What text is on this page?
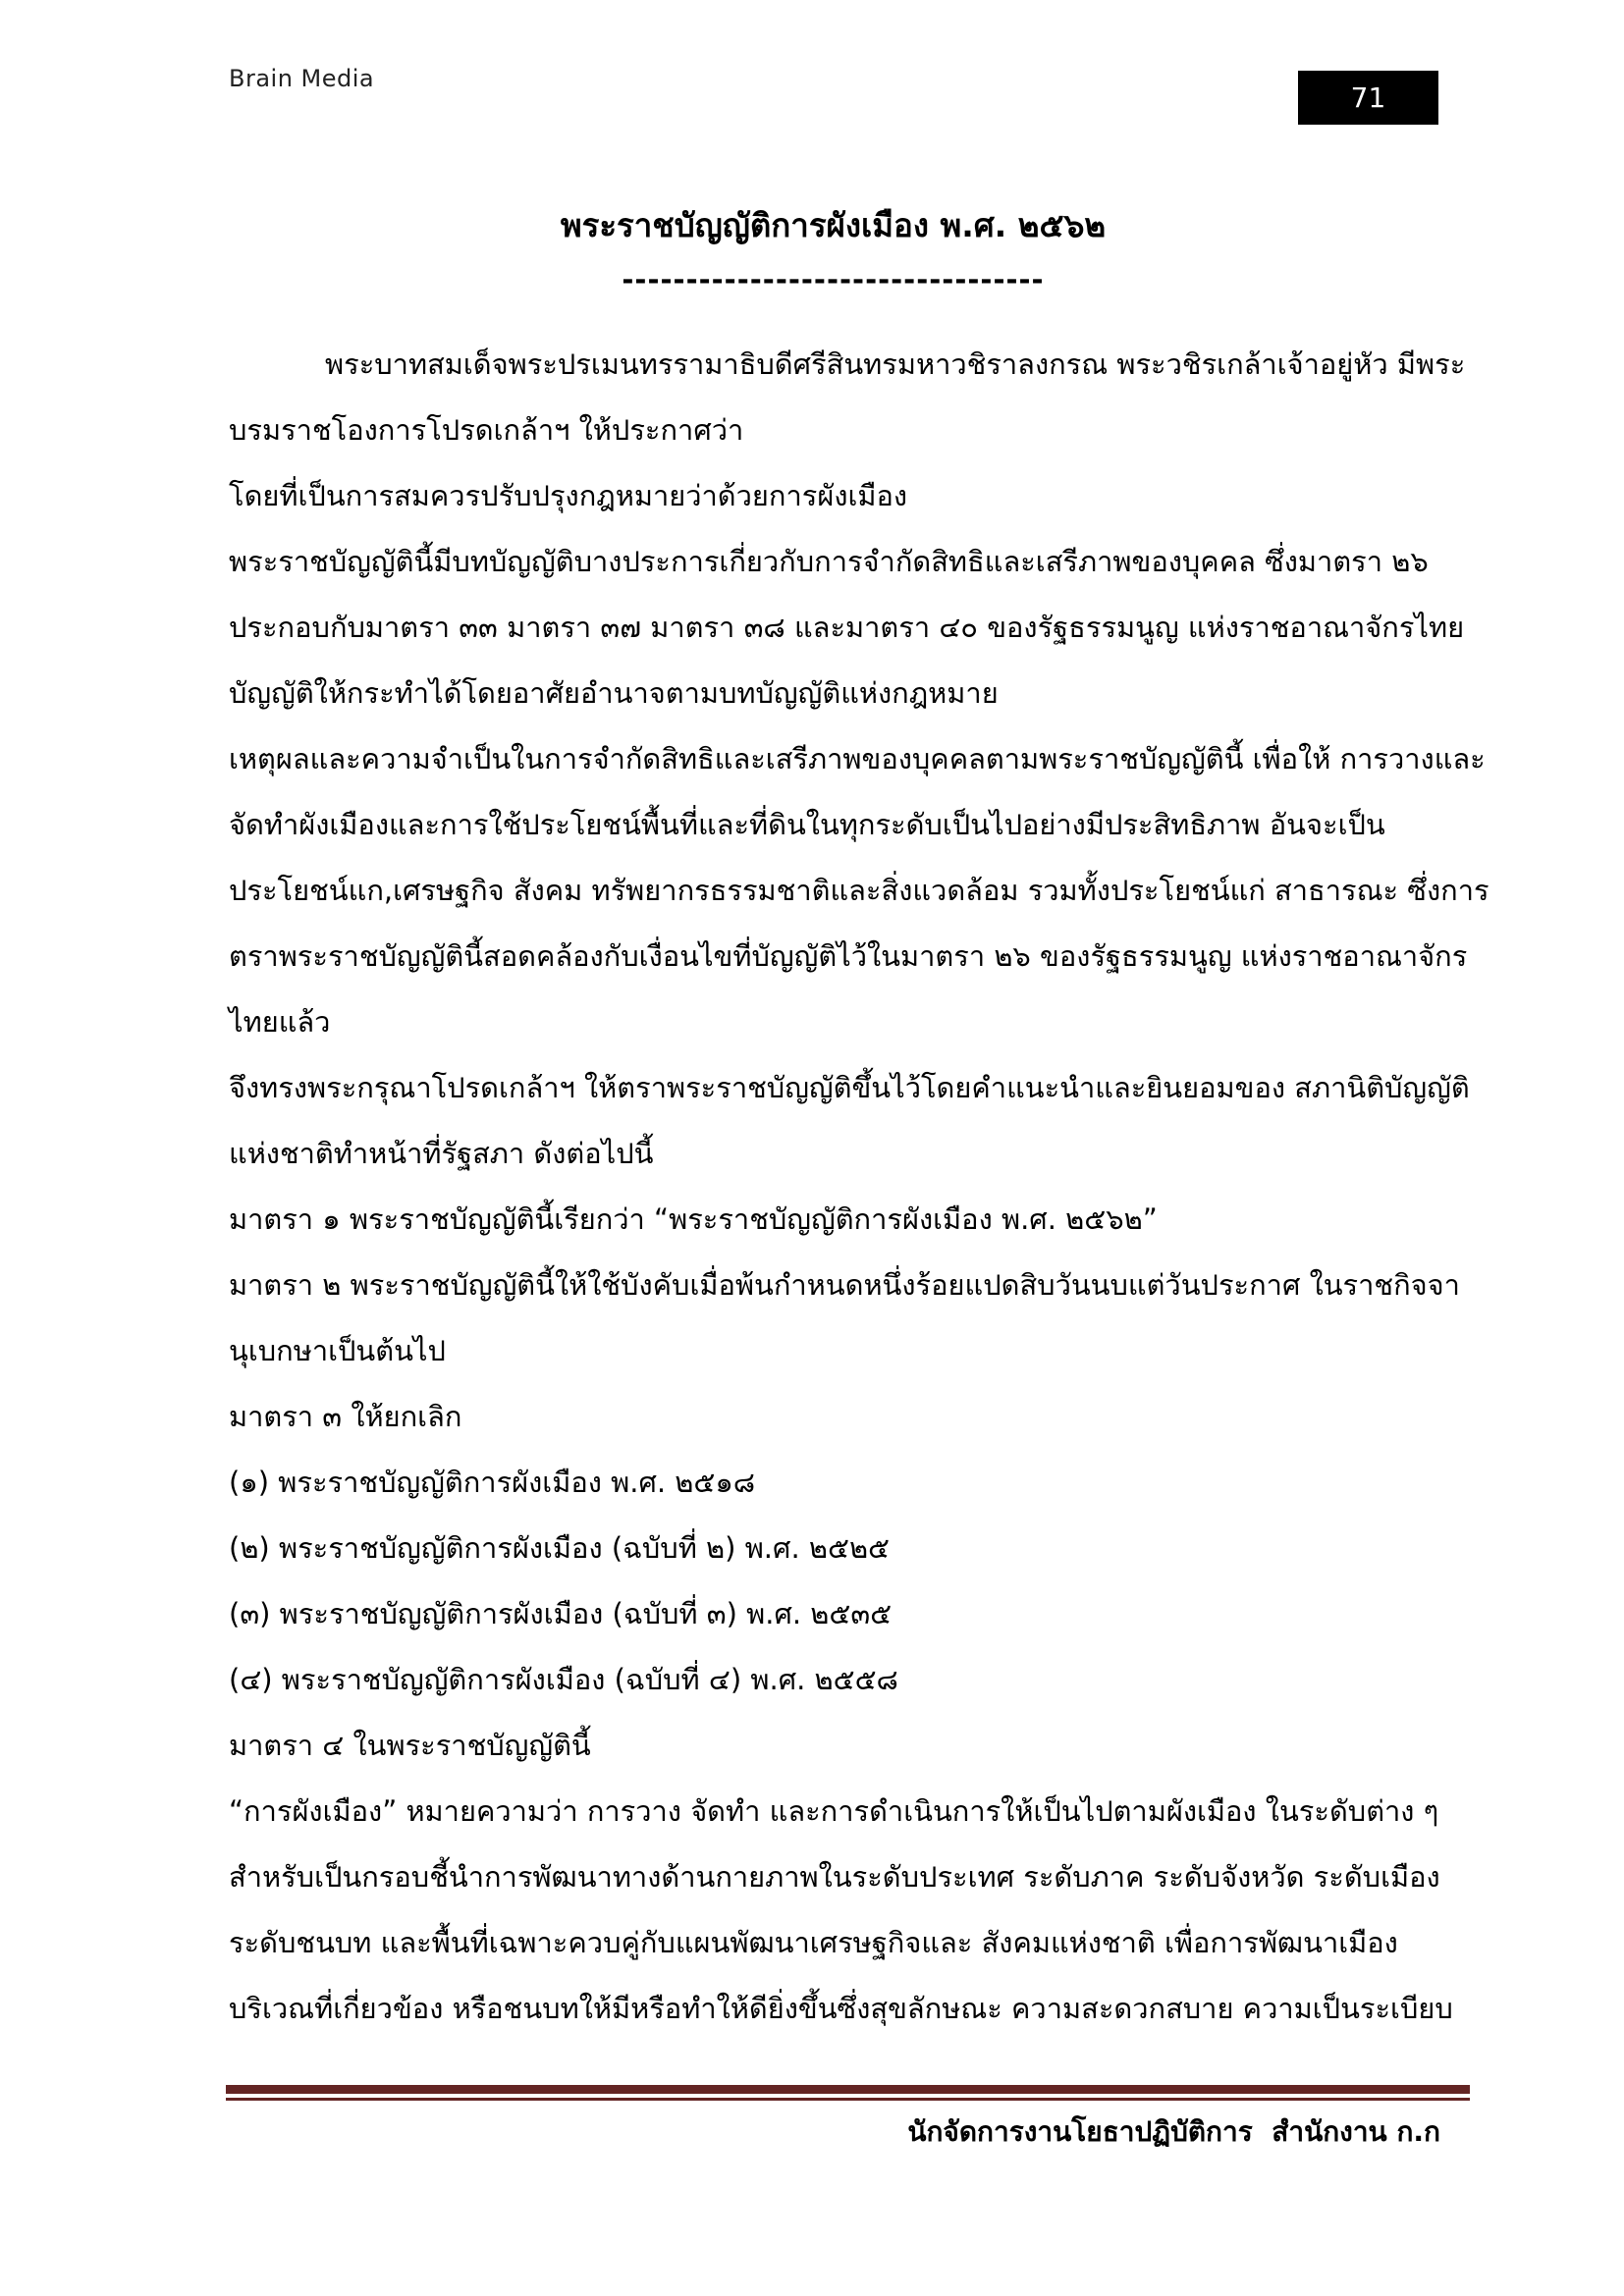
Brain Media
71
พระราชบัญญัติการผังเมือง พ.ศ. ๒๕๖๒
---------------------------------
พระบาทสมเด็จพระปรเมนทรรามาธิบดีศรีสินทรมหาวชิราลงกรณ พระวชิรเกล้าเจ้าอยู่หัว มีพระ
บรมราชโองการโปรดเกล้าฯ ให้ประกาศว่า
โดยที่เป็นการสมควรปรับปรุงกฎหมายว่าด้วยการผังเมือง
พระราชบัญญัตินี้มีบทบัญญัติบางประการเกี่ยวกับการจำกัดสิทธิและเสรีภาพของบุคคล ซึ่งมาตรา ๒๖
ประกอบกับมาตรา ๓๓ มาตรา ๓๗ มาตรา ๓๘ และมาตรา ๔๐ ของรัฐธรรมนูญ แห่งราชอาณาจักรไทย
บัญญัติให้กระทำได้โดยอาศัยอำนาจตามบทบัญญัติแห่งกฎหมาย
เหตุผลและความจำเป็นในการจำกัดสิทธิและเสรีภาพของบุคคลตามพระราชบัญญัตินี้ เพื่อให้ การวางและ
จัดทำผังเมืองและการใช้ประโยชน์พื้นที่และที่ดินในทุกระดับเป็นไปอย่างมีประสิทธิภาพ อันจะเป็น
ประโยชน์แก,เศรษฐกิจ สังคม ทรัพยากรธรรมชาติและสิ่งแวดล้อม รวมทั้งประโยชน์แก่ สาธารณะ ซึ่งการ
ตราพระราชบัญญัตินี้สอดคล้องกับเงื่อนไขที่บัญญัติไว้ในมาตรา ๒๖ ของรัฐธรรมนูญ แห่งราชอาณาจักร
ไทยแล้ว
จึงทรงพระกรุณาโปรดเกล้าฯ ให้ตราพระราชบัญญัติขึ้นไว้โดยคำแนะนำและยินยอมของ สภานิติบัญญัติ
แห่งชาติทำหน้าที่รัฐสภา ดังต่อไปนี้
มาตรา ๑ พระราชบัญญัตินี้เรียกว่า “พระราชบัญญัติการผังเมือง พ.ศ. ๒๕๖๒”
มาตรา ๒ พระราชบัญญัตินี้ให้ใช้บังคับเมื่อพ้นกำหนดหนึ่งร้อยแปดสิบวันนบแต่วันประกาศ ในราชกิจจา
นุเบกษาเป็นต้นไป
มาตรา ๓ ให้ยกเลิก
(๑) พระราชบัญญัติการผังเมือง พ.ศ. ๒๕๑๘
(๒) พระราชบัญญัติการผังเมือง (ฉบับที่ ๒) พ.ศ. ๒๕๒๕
(๓) พระราชบัญญัติการผังเมือง (ฉบับที่ ๓) พ.ศ. ๒๕๓๕
(๔) พระราชบัญญัติการผังเมือง (ฉบับที่ ๔) พ.ศ. ๒๕๕๘
มาตรา ๔ ในพระราชบัญญัตินี้
“การผังเมือง” หมายความว่า การวาง จัดทำ และการดำเนินการให้เป็นไปตามผังเมือง ในระดับต่าง ๆ
สำหรับเป็นกรอบชี้นำการพัฒนาทางด้านกายภาพในระดับประเทศ ระดับภาค ระดับจังหวัด ระดับเมือง
ระดับชนบท และพื้นที่เฉพาะควบคู่กับแผนพัฒนาเศรษฐกิจและ สังคมแห่งชาติ เพื่อการพัฒนาเมือง
บริเวณที่เกี่ยวข้อง หรือชนบทให้มีหรือทำให้ดียิ่งขึ้นซึ่งสุขลักษณะ ความสะดวกสบาย ความเป็นระเบียบ
นักจัดการงานโยธาปฏิบัติการ  สำนักงาน ก.ก
